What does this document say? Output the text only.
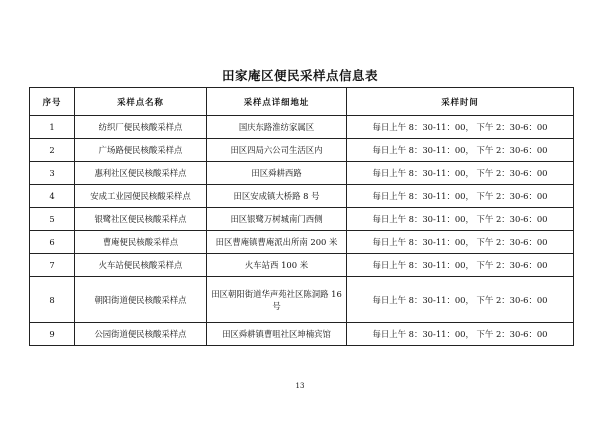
田家庵区便民采样点信息表
序号	采样点名称	采样点详细地址	采样时间
1	纺织厂便民核酸采样点	国庆东路淮纺家属区	每日上午 8：30-11：00， 下午 2：30-6：00
2	广场路便民核酸采样点	田区四局六公司生活区内	每日上午 8：30-11：00， 下午 2：30-6：00
3	惠利社区便民核酸采样点	田区舜耕西路	每日上午 8：30-11：00， 下午 2：30-6：00
4	安成工业园便民核酸采样点	田区安成镇大桥路 8 号	每日上午 8：30-11：00， 下午 2：30-6：00
5	银鹭社区便民核酸采样点	田区银鹭万树城南门西侧	每日上午 8：30-11：00， 下午 2：30-6：00
6	曹庵便民核酸采样点	田区曹庵镇曹庵派出所南 200 米	每日上午 8：30-11：00， 下午 2：30-6：00
7	火车站便民核酸采样点	火车站西 100 米	每日上午 8：30-11：00， 下午 2：30-6：00
8	朝阳街道便民核酸采样点	田区朝阳街道华声苑社区陈洞路 16 号	每日上午 8：30-11：00， 下午 2：30-6：00
9	公园街道便民核酸采样点	田区舜耕镇曹咀社区坤楠宾馆	每日上午 8：30-11：00， 下午 2：30-6：00
13
